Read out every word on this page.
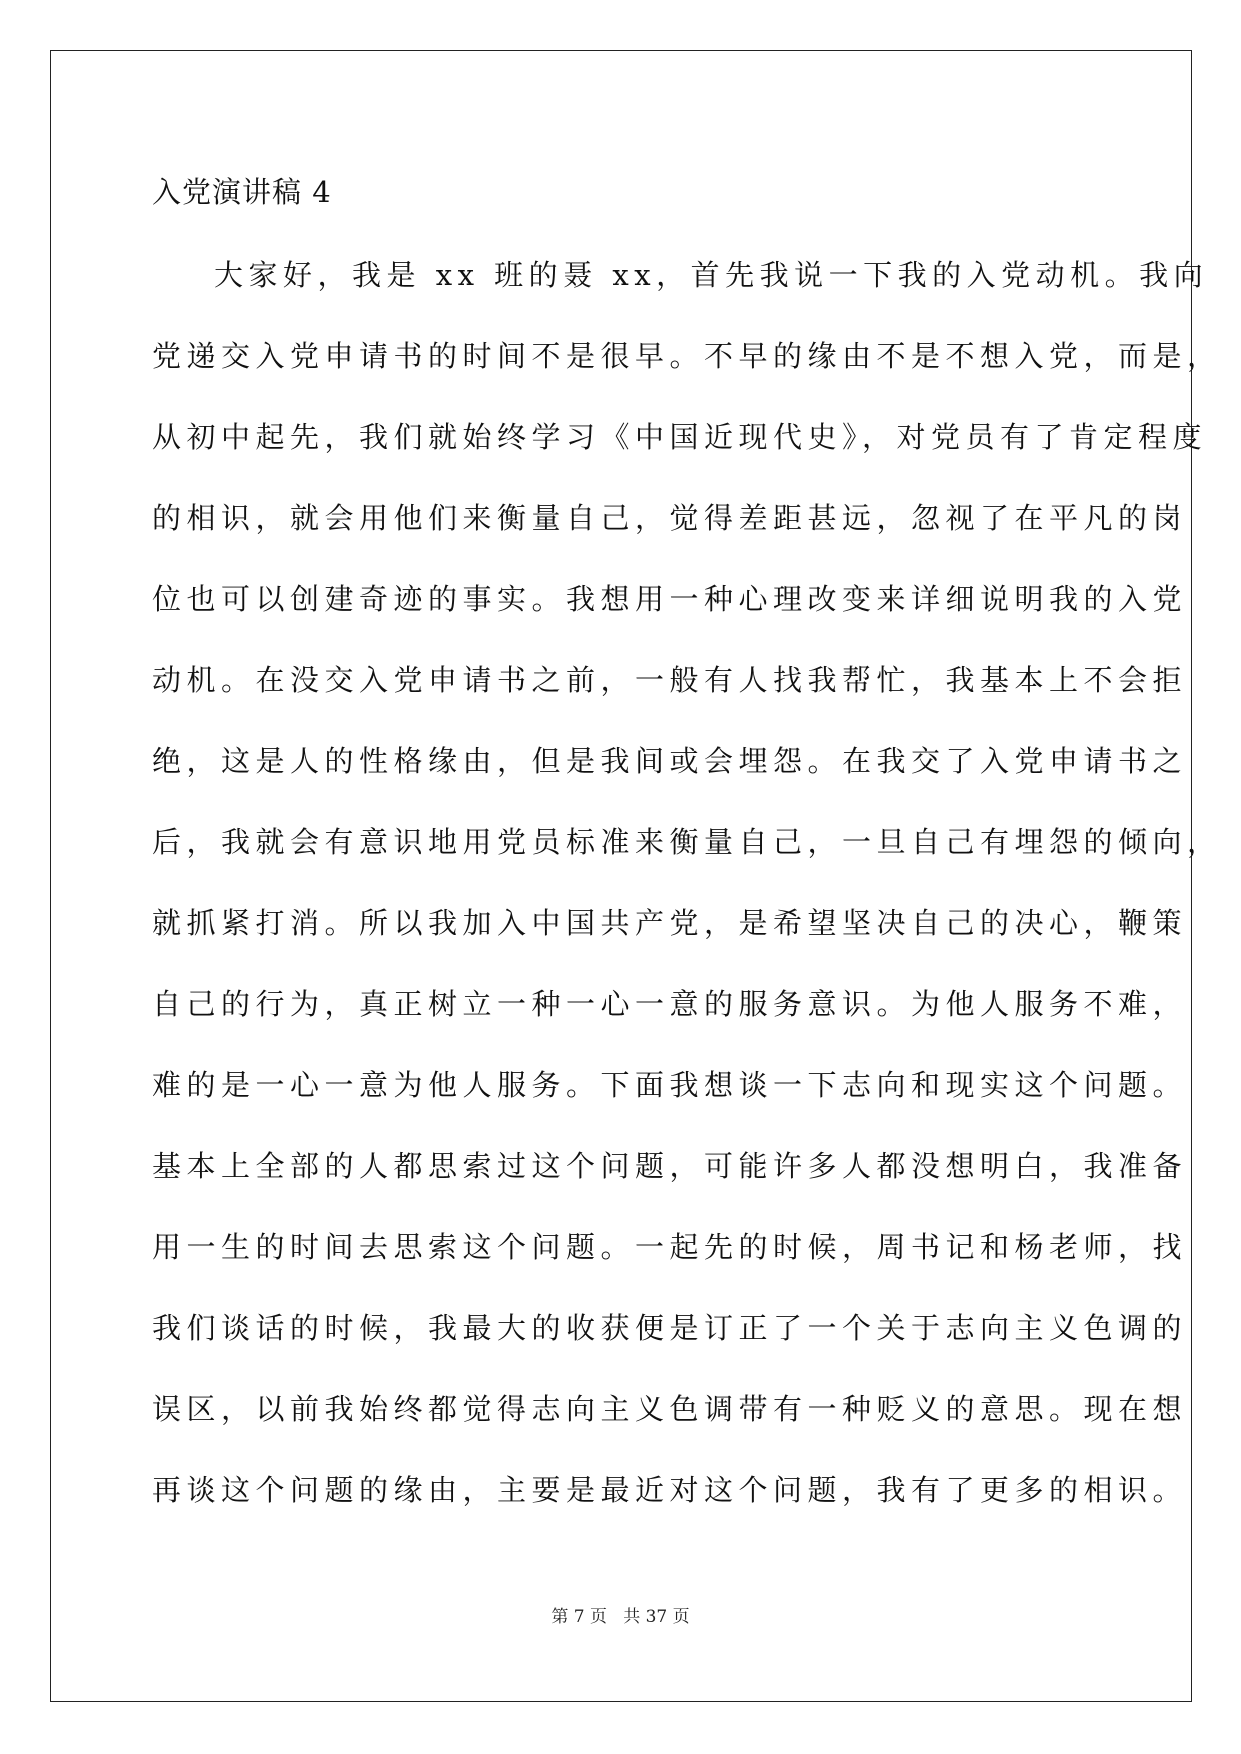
入党演讲稿 4
大家好，我是 xx 班的聂 xx，首先我说一下我的入党动机。我向
党递交入党申请书的时间不是很早。不早的缘由不是不想入党，而是，
从初中起先，我们就始终学习《中国近现代史》，对党员有了肯定程度
的相识，就会用他们来衡量自己，觉得差距甚远，忽视了在平凡的岗
位也可以创建奇迹的事实。我想用一种心理改变来详细说明我的入党
动机。在没交入党申请书之前，一般有人找我帮忙，我基本上不会拒
绝，这是人的性格缘由，但是我间或会埋怨。在我交了入党申请书之
后，我就会有意识地用党员标准来衡量自己，一旦自己有埋怨的倾向，
就抓紧打消。所以我加入中国共产党，是希望坚决自己的决心，鞭策
自己的行为，真正树立一种一心一意的服务意识。为他人服务不难，
难的是一心一意为他人服务。下面我想谈一下志向和现实这个问题。
基本上全部的人都思索过这个问题，可能许多人都没想明白，我准备
用一生的时间去思索这个问题。一起先的时候，周书记和杨老师，找
我们谈话的时候，我最大的收获便是订正了一个关于志向主义色调的
误区，以前我始终都觉得志向主义色调带有一种贬义的意思。现在想
再谈这个问题的缘由，主要是最近对这个问题，我有了更多的相识。
第 7 页   共 37 页
